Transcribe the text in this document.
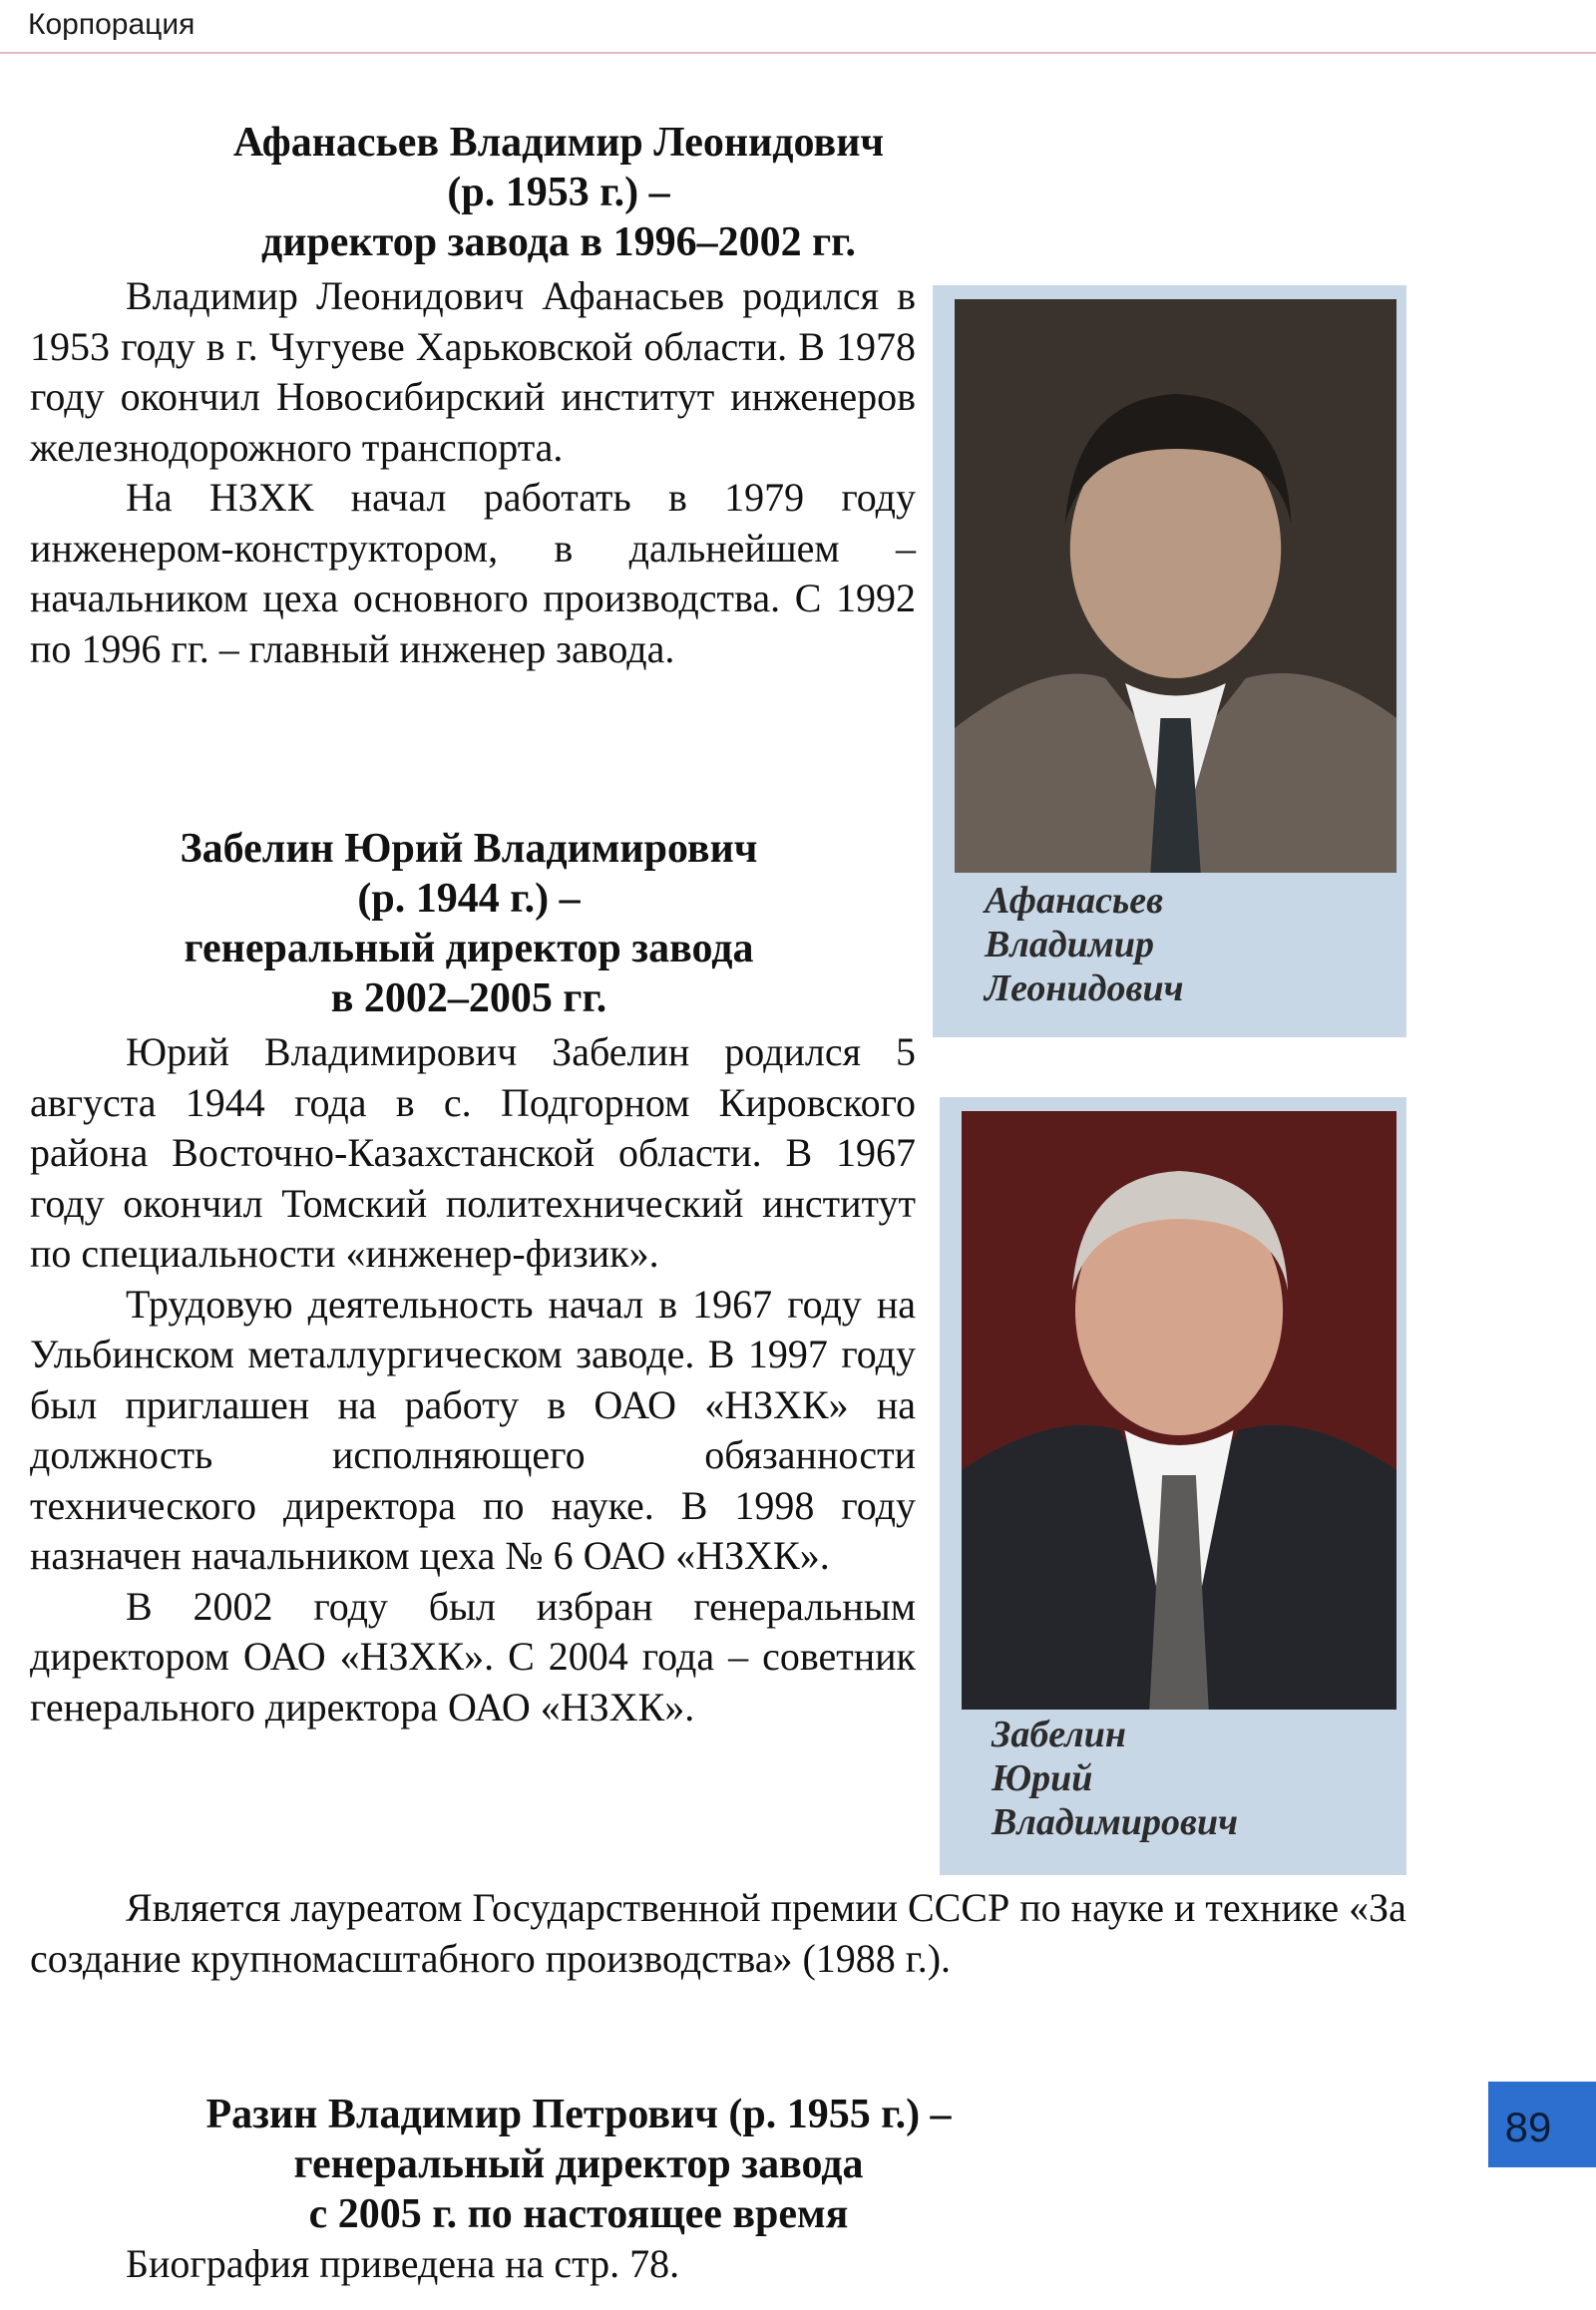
Корпорация
Афанасьев Владимир Леонидович
(р. 1953 г.) –
директор завода в 1996–2002 гг.

Владимир Леонидович Афанасьев родился в 1953 году в г. Чугуеве Харьковской области. В 1978 году окончил Новосибирский институт инженеров железнодорожного транспорта.

На НЗХК начал работать в 1979 году инженером-конструктором, в дальнейшем – начальником цеха основного производства. С 1992 по 1996 гг. – главный инженер завода.

Афанасьев
Владимир
Леонидович
Забелин Юрий Владимирович
(р. 1944 г.) –
генеральный директор завода
в 2002–2005 гг.

Юрий Владимирович Забелин родился 5 августа 1944 года в с. Подгорном Кировского района Восточно-Казахстанской области. В 1967 году окончил Томский политехнический институт по специальности «инженер-физик».

Трудовую деятельность начал в 1967 году на Ульбинском металлургическом заводе. В 1997 году был приглашен на работу в ОАО «НЗХК» на должность исполняющего обязанности технического директора по науке. В 1998 году назначен начальником цеха № 6 ОАО «НЗХК».

В 2002 году был избран генеральным директором ОАО «НЗХК». С 2004 года – советник генерального директора ОАО «НЗХК».

Является лауреатом Государственной премии СССР по науке и технике «За создание крупномасштабного производства» (1988 г.).

Забелин
Юрий
Владимирович
Разин Владимир Петрович (р. 1955 г.) –
генеральный директор завода
с 2005 г. по настоящее время

Биография приведена на стр. 78.

89
